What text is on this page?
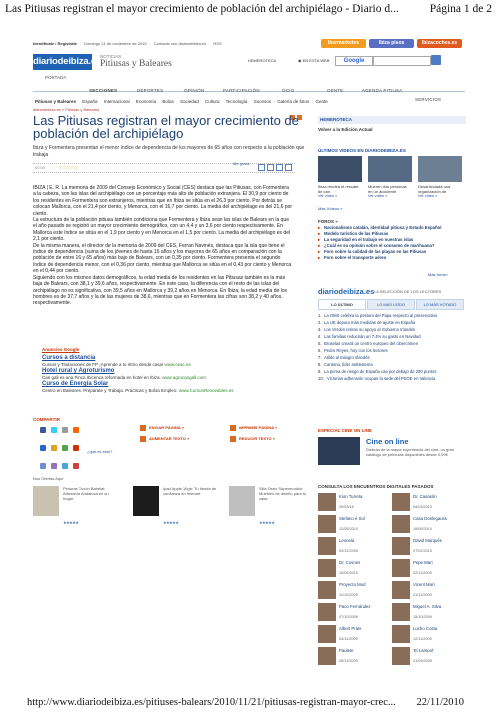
Las Pitiusas registran el mayor crecimiento de población del archipiélago - Diario d...	Página 1 de 2
Identifícate / Registrate Domingo 21 de noviembre de 2010 Contacte con diariodeibiza.es RSS	Ibermarketvs	Ibiza pisos	Ibizacoches.es
diariodeibiza.es
NOTICIAS
Pitiusas y Baleares	HEMEROTECA	◉ EN ESTA WEB	Google
PORTADA
SECCIONES	DEPORTES	OPINIÓN	PARTICIPACIÓN	OCIO	GENTE	AGENDA PITIUSA
SERVICIOS
Pitiusas y Baleares España Internacional Economía Bolsa Sociedad Cultura Tecnología Sucesos Galería de fotos Gente
diariodeibiza.es » Pitiusas y Baleares
Las Pitiusas registran el mayor crecimiento de población del archipiélago
Ibiza y Formentera presentan el menor índice de dependencia de los mayores de 65 años con respecto a la población que trabaja
00:00	☆☆☆☆☆
Me gusta

IBIZA | E. R. La memoria de 2009 del Consejo Económico y Social (CES) destaca que las Pitiusas, con Formentera a la cabeza, son las islas del archipiélago con un porcentaje más alto de población extranjera. El 30,9 por ciento de los residentes en Formentera son extranjeros, mientras que en Ibiza se sitúa en el 26,3 por ciento. Por detrás se colocan Mallorca, con el 21,4 por ciento, y Menorca, con el 16,7 por ciento. La media del archipiélago es del 21,6 por ciento.

La estructura de la población pitiusa también condiciona que Formentera y Ibiza sean las islas de Balears en la que el año pasado se registró un mayor crecimiento demográfico, con un 4,4 y un 3,6 por ciento respectivamente. En Mallorca este índice se sitúa en el 1,9 por ciento y en Menorca en el 1,5 por ciento. La media del archipiélago es del 2,1 por ciento.

De la misma manera, el director de la memoria de 2009 del CES, Ferran Navinés, destaca que la isla que tiene el índice de dependencia (suma de los jóvenes de hasta 16 años y los mayores de 65 años en comparación con la población de entre 16 y 65 años) más bajo de Balears, con un 0,35 por ciento. Formentera presenta el segundo índice de dependencia menor, con el 0,36 por ciento, mientras que Mallorca se sitúa en el 0,43 por ciento y Menorca en el 0,44 por ciento.

Siguiendo con los mismos datos demográficos, la edad media de los residentes en las Pitiusas también es la más baja de Balears, con 38,1 y 39,6 años, respectivamente. En este caso, la diferencia con el resto de las islas del archipiélago no es significativa, con 39,5 años en Mallorca y 39,2 años en Menorca. En Ibiza, la edad media de los hombres es de 37,7 años y la de las mujeres de 38,6, mientras que en Formentera las cifras son 38,2 y 40 años, respectivamente.

Anuncios Google
Cursos a distancia
Cursos y Titulaciones de FP ¡Aprende a tu ritmo desde casa! www.ceac.es
Hotel rural y Agroturismo
Can gall es una Finca Ibicenca reformada en hotel en Ibiza. www.agrocangall.com
Curso de Energía Solar
Centro en Baleares. Prepárate y Trabaja. Prácticas y Bolsa Empleo. www.CursosRenovables.es
COMPARTIR

ENVIAR PÁGINA »	IMPRIMIR PÁGINA »
AUMENTAR TEXTO »	REDUCIR TEXTO »
¿qué es esto?
Nos Ofertas Aquí
Pinturas Tuxón Babelat: Artesanía Andaluza en su hogar
★★★★★
Ipad Apple 16gb: Tu tienda de confianza en Internet
★★★★★
Silla Oseo Supermodulo: Muebles de diseño para tu casa
★★★★★
HEMEROTECA
Volver a la Edición Actual
ÚLTIMOS VÍDEOS EN DIARIODEIBIZA.ES
Ibiza rendirá el rescate de can
Ver vídeo »
Mueren dos personas en un accidente
Ver vídeo »
Desarticulada una organización de
Ver vídeo »
Más Vídeos »
FOROS »
▸ Nacionalismo catalán, identidad pitiusa y Estado Español
▸ Modelo turístico de las Pitiusas
▸ La seguridad en el trabajo en nuestras islas
▸ ¿Cuál es su opinión sobre el consumo de marihuana?
▸ Foro sobre la calidad de las playas en las Pitiusas
▸ Foro sobre el transporte aéreo
Más foros»
diariodeibiza.es LA SELECCIÓN DE LOS LECTORES
LO ÚLTIMO	LO MÁS LEÍDO	LO MÁS VOTADO
1. La OMS celebra la postura del Papa respecto al preservativo
2. La UE depura más medidas de ajuste en España
3. Los Verdes retiran su apoyo al Gobierno Irlandés
4. Las familias reducirán un 7,4% su gasto en Navidad
5. Bruselas creará un centro europeo del cibercrimen
6. Pedro Reyes, hoy con los lectores
7. Atlido al milagro irlandés
8. Cantona, líder antisistema
9. La prima de riesgo de España cae por debajo de 200 puntos
10. Victorias adhensión ocupan la sede del PSOE en Valencia
ESPECIAL CINE ON LINE
Cine on line
Disfruta de la mayor experiencia del cine, un gran catálogo de películas disponibles desde 0,99€
CONSULTA LOS ENCUENTROS DIGITALES PASADOS
Kion Turreta
25/03/15
Dr. Casasôn
04/03/2010
Stefano é Sol
12/05/2010
Casa Donlegauss
16/06/2010
Leonela
09/12/2000
David Marquês
27/02/2010
Dr. Cosnes
15/06/2010
Pepe Mari
02/11/2009
Proyecto Mod
11/12/2009
Vicent Marí
21/11/2009
Paco Fernández
07/10/2009
Miguel A. Silva
15/10/2009
Albert Prats
04/11/2009
Lucho Costa
12/11/2009
Paulete
26/11/2009
'El Lampol'
21/09/2009
http://www.diariodeibiza.es/pitiuses-balears/2010/11/21/pitiusas-registran-mayor-crec... 22/11/2010
